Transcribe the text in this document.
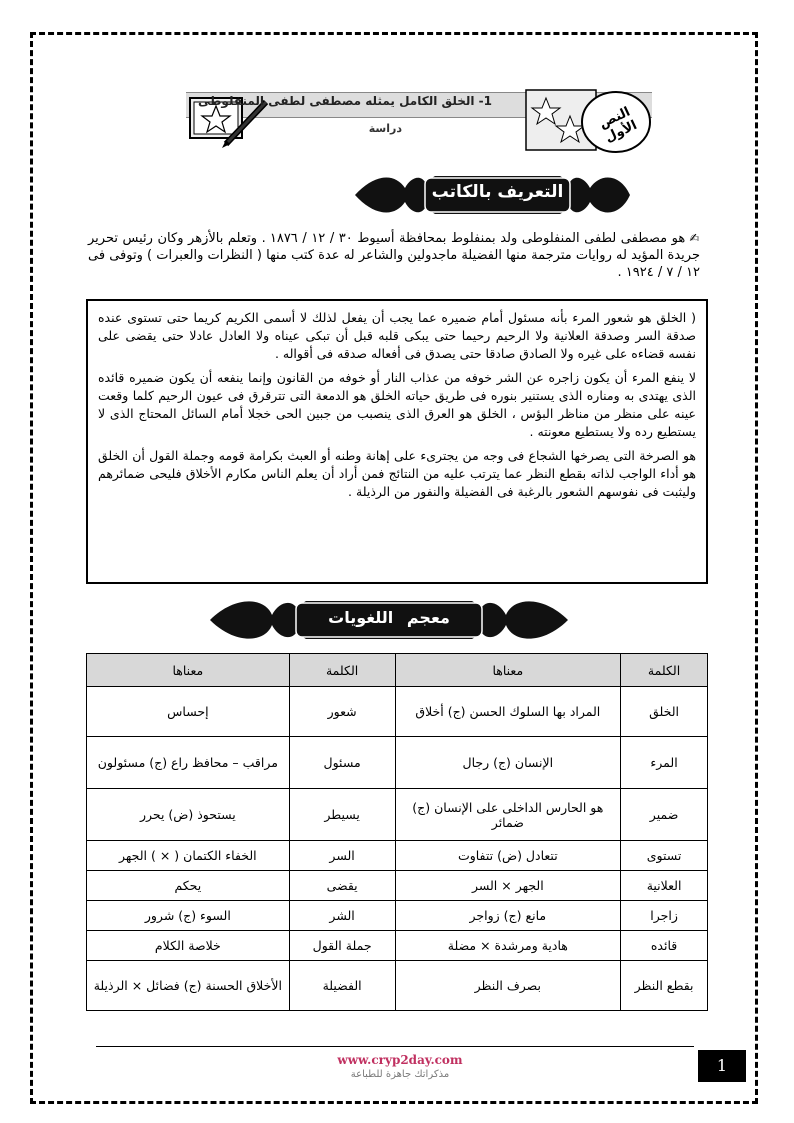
1- الخلق الكامل يمثله مصطفى لطفى المنفلوطى
دراسة	النص الأول
التعريف بالكاتب
✍ هو مصطفى لطفى المنفلوطى ولد بمنفلوط بمحافظة أسيوط ٣٠ / ١٢ / ١٨٧٦ . وتعلم بالأزهر وكان رئيس تحرير جريدة المؤيد له روايات مترجمة منها الفضيلة ماجدولين والشاعر له عدة كتب منها ( النظرات والعبرات ) وتوفى فى ١٢ / ٧ / ١٩٢٤ .

( الخلق هو شعور المرء بأنه مسئول أمام ضميره عما يجب أن يفعل لذلك لا أسمى الكريم كريما حتى تستوى عنده صدقة السر وصدقة العلانية ولا الرحيم رحيما حتى يبكى قلبه قبل أن تبكى عيناه ولا العادل عادلا حتى يقضى على نفسه قضاءه على غيره ولا الصادق صادقا حتى يصدق فى أفعاله صدقه فى أقواله .

لا ينفع المرء أن يكون زاجره عن الشر خوفه من عذاب النار أو خوفه من القانون وإنما ينفعه أن يكون ضميره قائده الذى يهتدى به ومناره الذى يستنير بنوره فى طريق حياته الخلق هو الدمعة التى تترقرق فى عيون الرحيم كلما وقعت عينه على منظر من مناظر البؤس ، الخلق هو العرق الذى ينصبب من جبين الحى خجلا أمام السائل المحتاج الذى لا يستطيع رده ولا يستطيع معونته .

هو الصرخة التى يصرخها الشجاع فى وجه من يجترىء على إهانة وطنه أو العبث بكرامة قومه وجملة القول أن الخلق هو أداء الواجب لذاته بقطع النظر عما يترتب عليه من النتائج فمن أراد أن يعلم الناس مكارم الأخلاق فليحى ضمائرهم وليثبت فى نفوسهم الشعور بالرغبة فى الفضيلة والنفور من الرذيلة .

معجم اللغويات
الكلمة	معناها	الكلمة	معناها
الخلق	المراد بها السلوك الحسن (ج) أخلاق	شعور	إحساس
المرء	الإنسان (ج) رجال	مسئول	مراقب – محافظ راع (ج) مسئولون
ضمير	هو الحارس الداخلى على الإنسان (ج) ضمائر	يسيطر	يستحوذ (ض) يحرر
تستوى	تتعادل (ض) تتفاوت	السر	الخفاء الكتمان ( × ) الجهر
العلانية	الجهر × السر	يقضى	يحكم
زاجرا	مانع (ج) زواجر	الشر	السوء (ج) شرور
قائده	هادية ومرشدة × مضلة	جملة القول	خلاصة الكلام
بقطع النظر	بصرف النظر	الفضيلة	الأخلاق الحسنة (ج) فضائل × الرذيلة
www.cryp2day.com
مذكراتك جاهزة للطباعة	1
